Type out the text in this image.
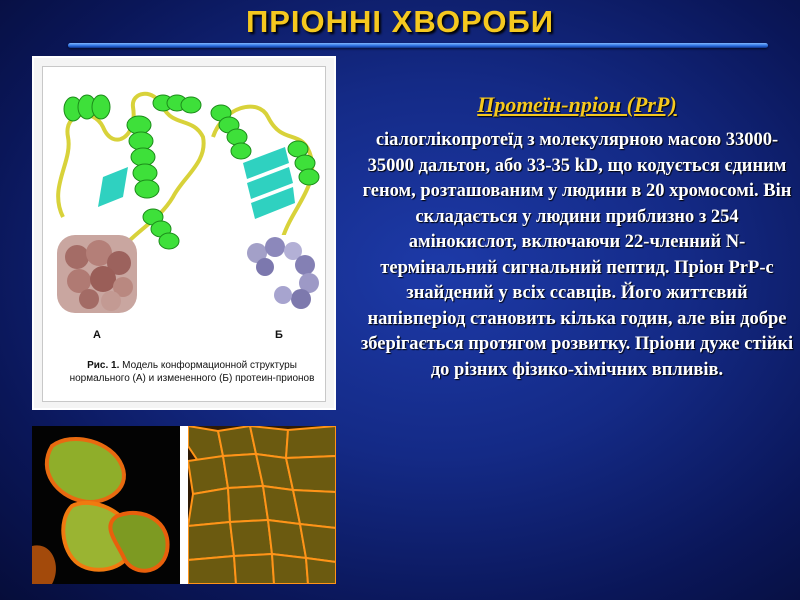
ПРІОННІ ХВОРОБИ
А	Б
Рис. 1. Модель конформационной структуры нормального (А) и измененного (Б) протеин-прионов
Протеїн-пріон (PrP)
сіалоглікопротеїд з молекулярною масою 33000-35000 дальтон, або 33-35 kD, що кодується єдиним геном, розташованим у людини в 20 хромосомі. Він складається у людини приблизно з 254 амінокислот, включаючи 22-членний N-термінальний сигнальний пептид. Пріон PrP-c знайдений у всіх ссавців. Його життєвий напівперіод становить кілька годин, але він добре зберігається протягом розвитку. Пріони дуже стійкі до різних фізико-хімічних впливів.
